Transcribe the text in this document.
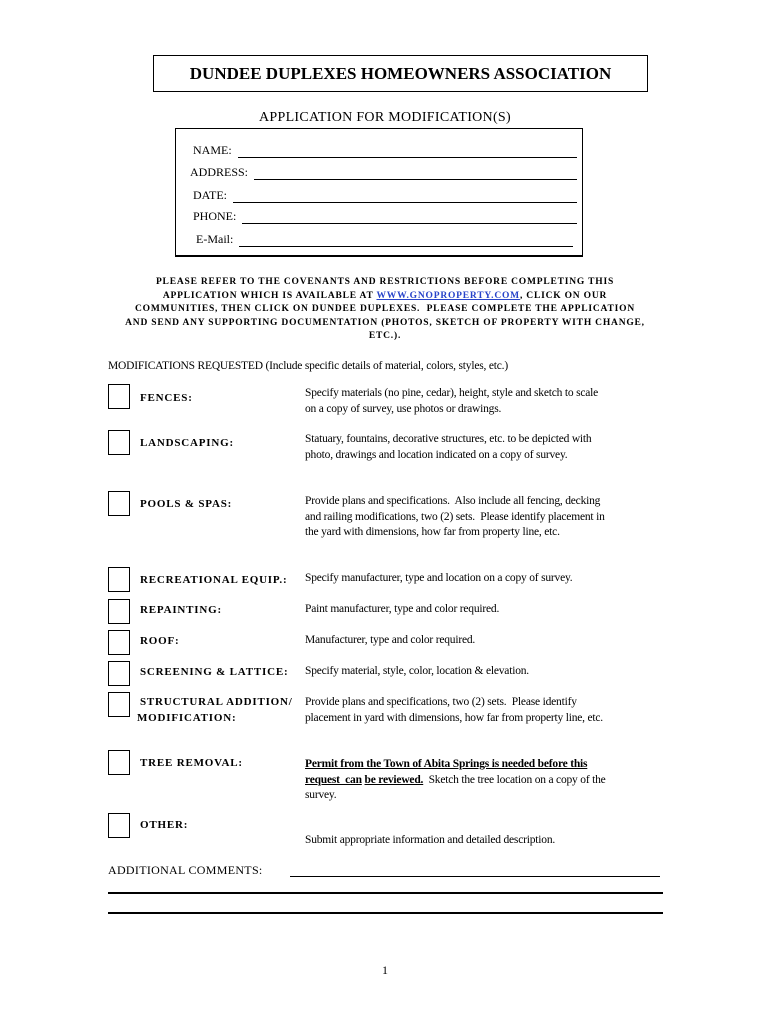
DUNDEE DUPLEXES HOMEOWNERS ASSOCIATION
APPLICATION FOR MODIFICATION(S)
NAME:
ADDRESS:
DATE:
PHONE:
E-Mail:
PLEASE REFER TO THE COVENANTS AND RESTRICTIONS BEFORE COMPLETING THIS
APPLICATION WHICH IS AVAILABLE AT WWW.GNOPROPERTY.COM, CLICK ON OUR
COMMUNITIES, THEN CLICK ON DUNDEE DUPLEXES.  PLEASE COMPLETE THE APPLICATION
AND SEND ANY SUPPORTING DOCUMENTATION (PHOTOS, SKETCH OF PROPERTY WITH CHANGE,
ETC.).
MODIFICATIONS REQUESTED (Include specific details of material, colors, styles, etc.)
FENCES:	Specify materials (no pine, cedar), height, style and sketch to scale
on a copy of survey, use photos or drawings.
LANDSCAPING:	Statuary, fountains, decorative structures, etc. to be depicted with
photo, drawings and location indicated on a copy of survey.
POOLS & SPAS:	Provide plans and specifications.  Also include all fencing, decking
and railing modifications, two (2) sets.  Please identify placement in
the yard with dimensions, how far from property line, etc.
RECREATIONAL EQUIP.: Specify manufacturer, type and location on a copy of survey.
REPAINTING:	Paint manufacturer, type and color required.
ROOF:	Manufacturer, type and color required.
SCREENING & LATTICE: Specify material, style, color, location & elevation.
STRUCTURAL ADDITION/
MODIFICATION:
Provide plans and specifications, two (2) sets.  Please identify
placement in yard with dimensions, how far from property line, etc.
TREE REMOVAL:	Permit from the Town of Abita Springs is needed before this
request  can be reviewed.  Sketch the tree location on a copy of the
survey.
OTHER:
Submit appropriate information and detailed description.
ADDITIONAL COMMENTS:
1
